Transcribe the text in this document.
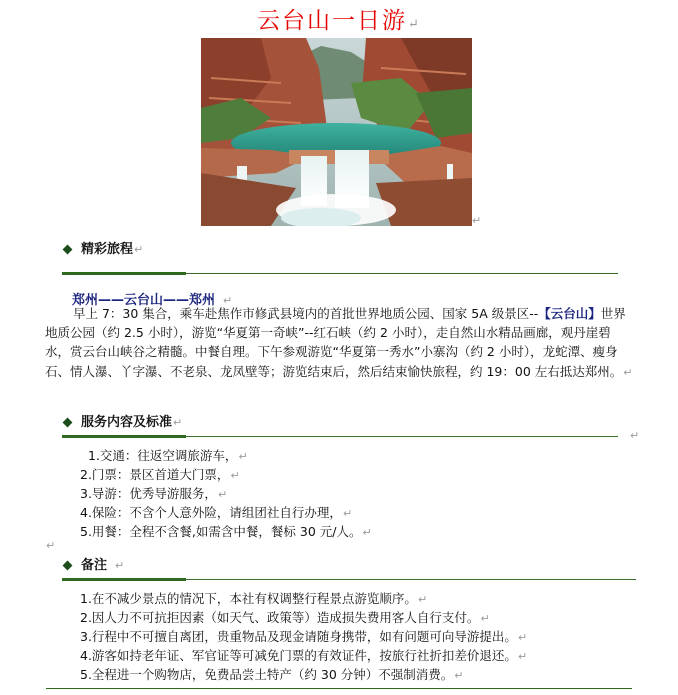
云台山一日游↵
↵
精彩旅程↵
郑州——云台山——郑州 ↵

早上 7：30 集合，乘车赴焦作市修武县境内的首批世界地质公园、国家 5A 级景区--【云台山】世界地质公园（约 2.5 小时），游览“华夏第一奇峡”--红石峡（约 2 小时），走自然山水精品画廊，观丹崖碧水，赏云台山峡谷之精髓。中餐自理。下午参观游览“华夏第一秀水”小寨沟（约 2 小时），龙蛇潭、瘦身石、情人瀑、丫字瀑、不老泉、龙凤壁等；游览结束后，然后结束愉快旅程，约 19：00 左右抵达郑州。↵

服务内容及标准↵
↵
1.交通：往返空调旅游车，↵
2.门票：景区首道大门票，↵
3.导游：优秀导游服务，↵
4.保险：不含个人意外险，请组团社自行办理，↵
5.用餐：全程不含餐,如需含中餐，餐标 30 元/人。↵
↵
备注 ↵
1.在不减少景点的情况下，本社有权调整行程景点游览顺序。↵
2.因人力不可抗拒因素（如天气、政策等）造成损失费用客人自行支付。↵
3.行程中不可擅自离团，贵重物品及现金请随身携带，如有问题可向导游提出。↵
4.游客如持老年证、军官证等可减免门票的有效证件，按旅行社折扣差价退还。↵
5.全程进一个购物店，免费品尝土特产（约 30 分钟）不强制消费。↵
